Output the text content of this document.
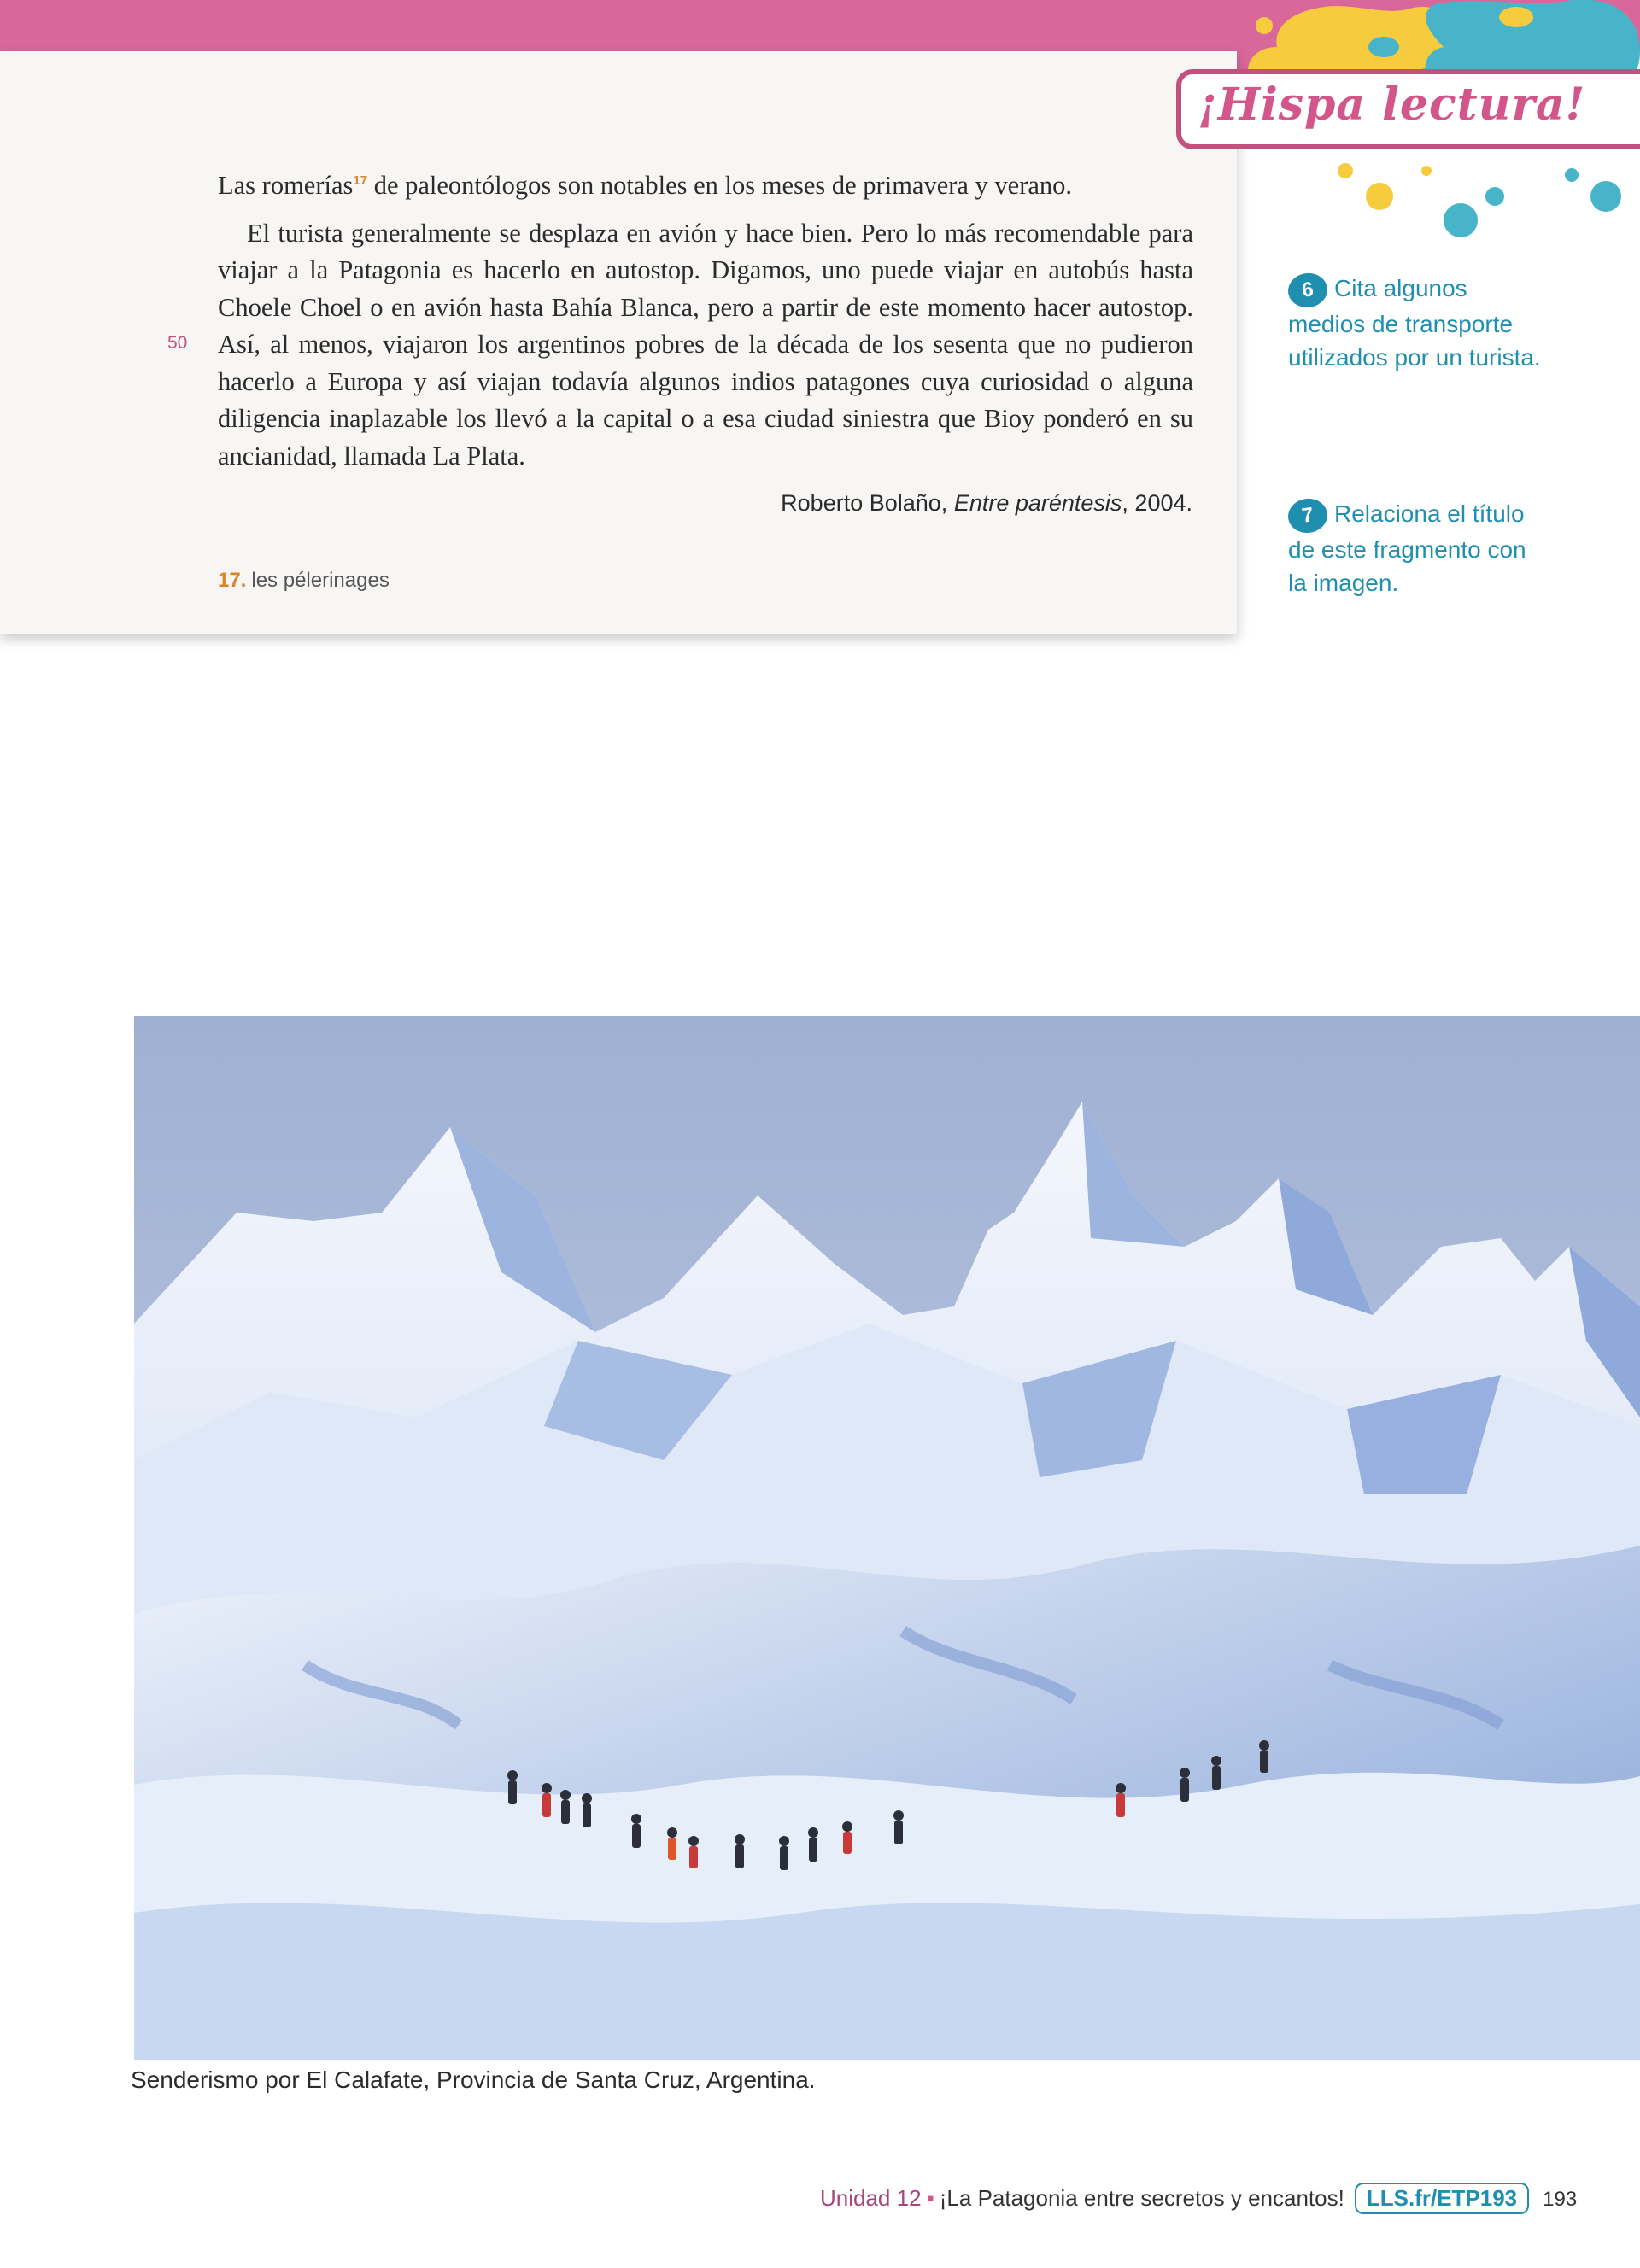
¡Hispa lectura!

Las romerías$^{17}$ de paleontólogos son notables en los meses de primavera y verano.

El turista generalmente se desplaza en avión y hace bien. Pero lo más recomendable para viajar a la Patagonia es hacerlo en autostop. Digamos, uno puede viajar en autobús hasta Choele Choel o en avión hasta Bahía Blanca, pero a partir de este momento hacer autostop. Así, al menos, viajaron los argentinos pobres de la década de los sesenta que no pudieron hacerlo a Europa y así viajan todavía algunos indios patagones cuya curiosidad o alguna diligencia inaplazable los llevó a la capital o a esa ciudad siniestra que Bioy ponderó en su ancianidad, llamada La Plata.

50
Roberto Bolaño, Entre paréntesis, 2004.
17. les pélerinages
6 Cita algunos medios de transporte utilizados por un turista.
7 Relaciona el título de este fragmento con la imagen.
Senderismo por El Calafate, Provincia de Santa Cruz, Argentina.
Unidad 12 ▪ ¡La Patagonia entre secretos y encantos! LLS.fr/ETP193 193
